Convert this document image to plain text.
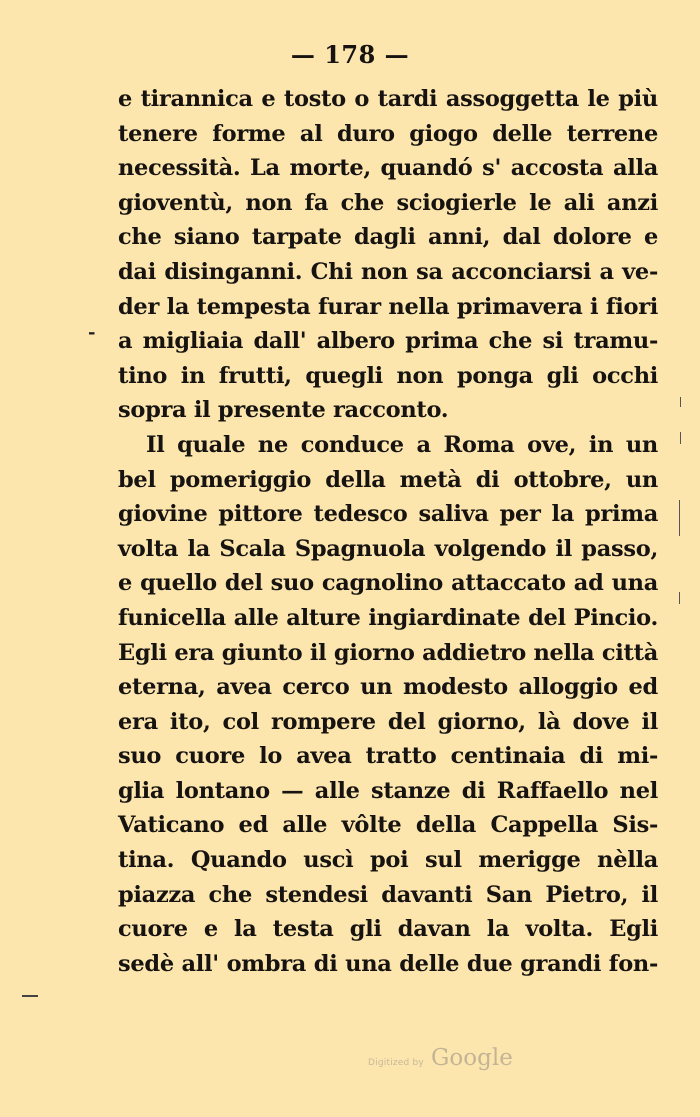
— 178 —
-
e tirannica e tosto o tardi assoggetta le più
tenere forme al duro giogo delle terrene
necessità. La morte, quandó s' accosta alla
gioventù, non fa che sciogierle le ali anzi
che siano tarpate dagli anni, dal dolore e
dai disinganni. Chi non sa acconciarsi a ve-
der la tempesta furar nella primavera i fiori
a migliaia dall' albero prima che si tramu-
tino in frutti, quegli non ponga gli occhi
sopra il presente racconto.
Il quale ne conduce a Roma ove, in un
bel pomeriggio della metà di ottobre, un
giovine pittore tedesco saliva per la prima
volta la Scala Spagnuola volgendo il passo,
e quello del suo cagnolino attaccato ad una
funicella alle alture ingiardinate del Pincio.
Egli era giunto il giorno addietro nella città
eterna, avea cerco un modesto alloggio ed
era ito, col rompere del giorno, là dove il
suo cuore lo avea tratto centinaia di mi-
glia lontano — alle stanze di Raffaello nel
Vaticano ed alle vôlte della Cappella Sis-
tina. Quando uscì poi sul merigge nèlla
piazza che stendesi davanti San Pietro, il
cuore e la testa gli davan la volta. Egli
sedè all' ombra di una delle due grandi fon-
Digitized by Google
